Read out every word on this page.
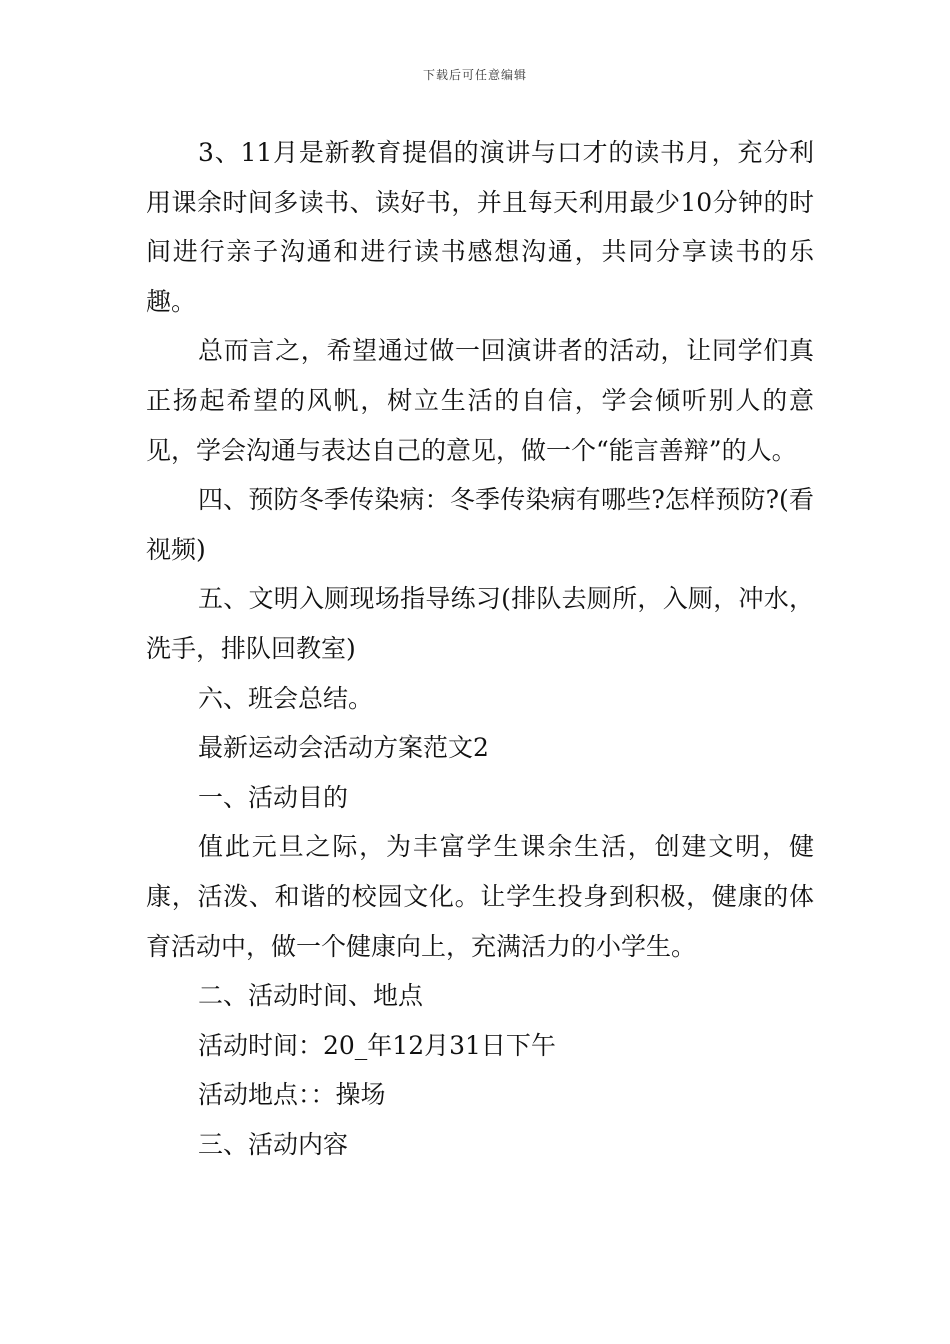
下载后可任意编辑

3、11月是新教育提倡的演讲与口才的读书月，充分利用课余时间多读书、读好书，并且每天利用最少10分钟的时间进行亲子沟通和进行读书感想沟通，共同分享读书的乐趣。

总而言之，希望通过做一回演讲者的活动，让同学们真正扬起希望的风帆，树立生活的自信，学会倾听别人的意见，学会沟通与表达自己的意见，做一个“能言善辩”的人。

四、预防冬季传染病：冬季传染病有哪些?怎样预防?(看视频)

五、文明入厕现场指导练习(排队去厕所，入厕，冲水，洗手，排队回教室)

六、班会总结。

最新运动会活动方案范文2

一、活动目的

值此元旦之际，为丰富学生课余生活，创建文明，健康，活泼、和谐的校园文化。让学生投身到积极，健康的体育活动中，做一个健康向上，充满活力的小学生。

二、活动时间、地点

活动时间：20_年12月31日下午

活动地点：：操场

三、活动内容
